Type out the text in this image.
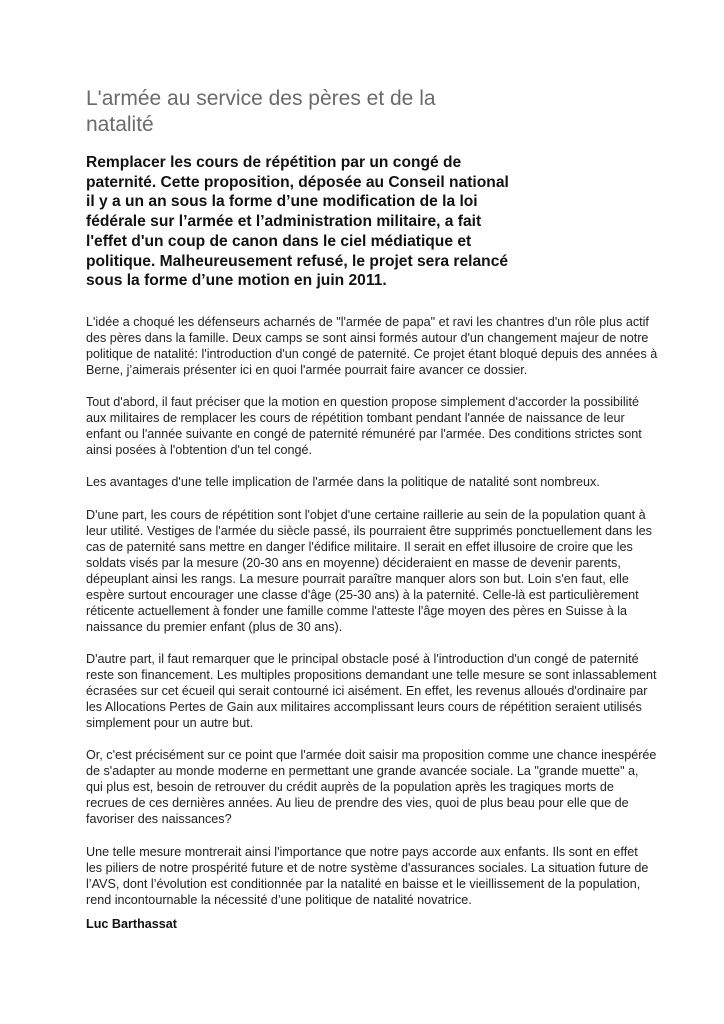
L'armée au service des pères et de la
natalité
Remplacer les cours de répétition par un congé de
paternité. Cette proposition, déposée au Conseil national
il y a un an sous la forme d’une modification de la loi
fédérale sur l’armée et l’administration militaire, a fait
l'effet d'un coup de canon dans le ciel médiatique et
politique. Malheureusement refusé, le projet sera relancé
sous la forme d’une motion en juin 2011.
L'idée a choqué les défenseurs acharnés de "l'armée de papa" et ravi les chantres d'un rôle plus actif
des pères dans la famille. Deux camps se sont ainsi formés autour d'un changement majeur de notre
politique de natalité: l'introduction d'un congé de paternité. Ce projet étant bloqué depuis des années à
Berne, j’aimerais présenter ici en quoi l'armée pourrait faire avancer ce dossier.
Tout d'abord, il faut préciser que la motion en question propose simplement d'accorder la possibilité
aux militaires de remplacer les cours de répétition tombant pendant l'année de naissance de leur
enfant ou l'année suivante en congé de paternité rémunéré par l'armée. Des conditions strictes sont
ainsi posées à l'obtention d'un tel congé.
Les avantages d'une telle implication de l'armée dans la politique de natalité sont nombreux.
D'une part, les cours de répétition sont l'objet d'une certaine raillerie au sein de la population quant à
leur utilité. Vestiges de l'armée du siècle passé, ils pourraient être supprimés ponctuellement dans les
cas de paternité sans mettre en danger l'édifice militaire. Il serait en effet illusoire de croire que les
soldats visés par la mesure (20-30 ans en moyenne) décideraient en masse de devenir parents,
dépeuplant ainsi les rangs. La mesure pourrait paraître manquer alors son but. Loin s'en faut, elle
espère surtout encourager une classe d'âge (25-30 ans) à la paternité. Celle-là est particulièrement
réticente actuellement à fonder une famille comme l'atteste l'âge moyen des pères en Suisse à la
naissance du premier enfant (plus de 30 ans).
D'autre part, il faut remarquer que le principal obstacle posé à l'introduction d'un congé de paternité
reste son financement. Les multiples propositions demandant une telle mesure se sont inlassablement
écrasées sur cet écueil qui serait contourné ici aisément. En effet, les revenus alloués d'ordinaire par
les Allocations Pertes de Gain aux militaires accomplissant leurs cours de répétition seraient utilisés
simplement pour un autre but.
Or, c'est précisément sur ce point que l'armée doit saisir ma proposition comme une chance inespérée
de s'adapter au monde moderne en permettant une grande avancée sociale. La "grande muette" a,
qui plus est, besoin de retrouver du crédit auprès de la population après les tragiques morts de
recrues de ces dernières années. Au lieu de prendre des vies, quoi de plus beau pour elle que de
favoriser des naissances?
Une telle mesure montrerait ainsi l'importance que notre pays accorde aux enfants. Ils sont en effet
les piliers de notre prospérité future et de notre système d'assurances sociales. La situation future de
l’AVS, dont l’évolution est conditionnée par la natalité en baisse et le vieillissement de la population,
rend incontournable la nécessité d’une politique de natalité novatrice.
Luc Barthassat
